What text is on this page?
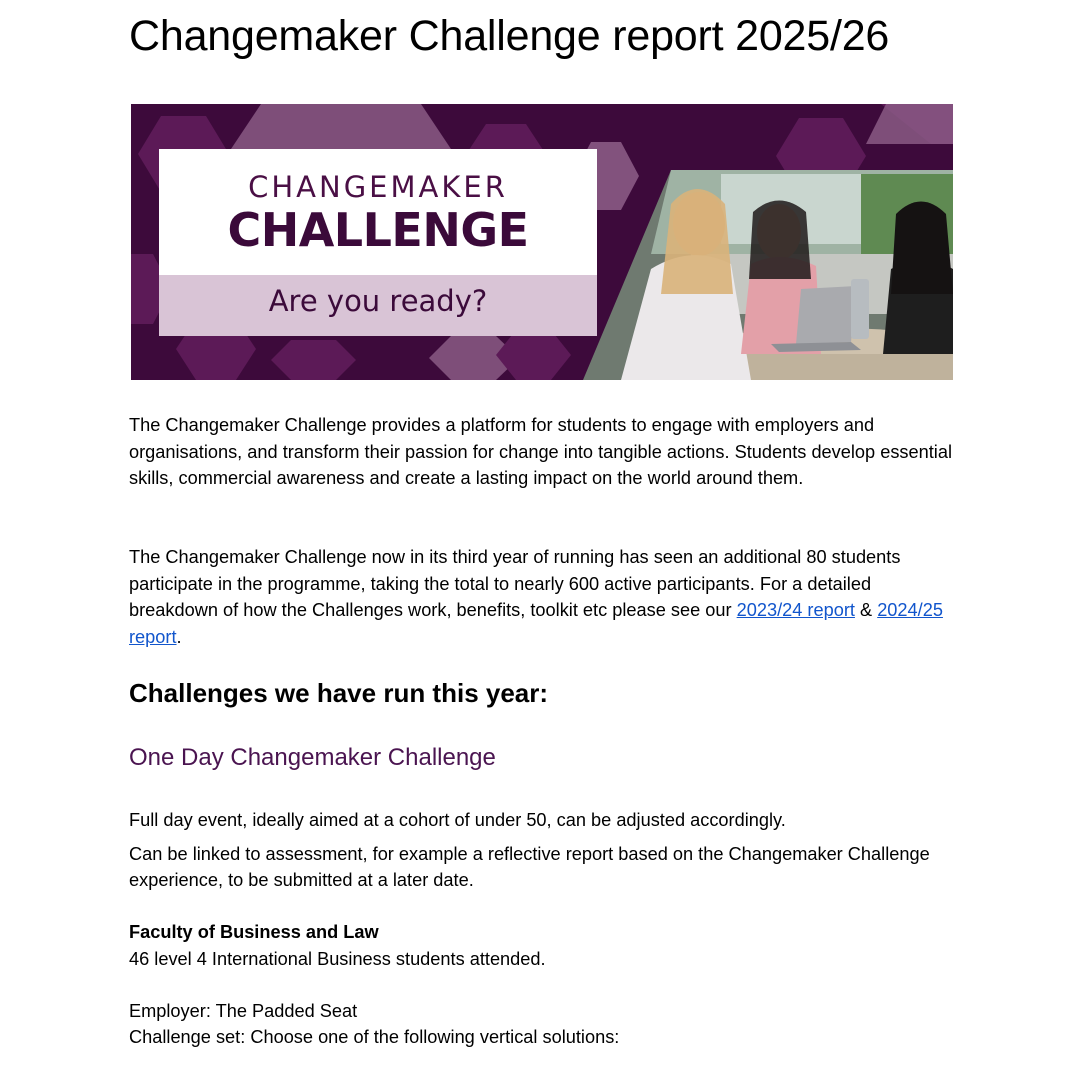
Changemaker Challenge report 2025/26
CHANGEMAKER
CHALLENGE
Are you ready?

The Changemaker Challenge provides a platform for students to engage with employers and organisations, and transform their passion for change into tangible actions. Students develop essential skills, commercial awareness and create a lasting impact on the world around them.

The Changemaker Challenge now in its third year of running has seen an additional 80 students participate in the programme, taking the total to nearly 600 active participants. For a detailed breakdown of how the Challenges work, benefits, toolkit etc please see our 2023/24 report & 2024/25 report.

Challenges we have run this year:
One Day Changemaker Challenge

Full day event, ideally aimed at a cohort of under 50, can be adjusted accordingly.

Can be linked to assessment, for example a reflective report based on the Changemaker Challenge experience, to be submitted at a later date.

Faculty of Business and Law

46 level 4 International Business students attended.

Employer: The Padded Seat

Challenge set: Choose one of the following vertical solutions:
